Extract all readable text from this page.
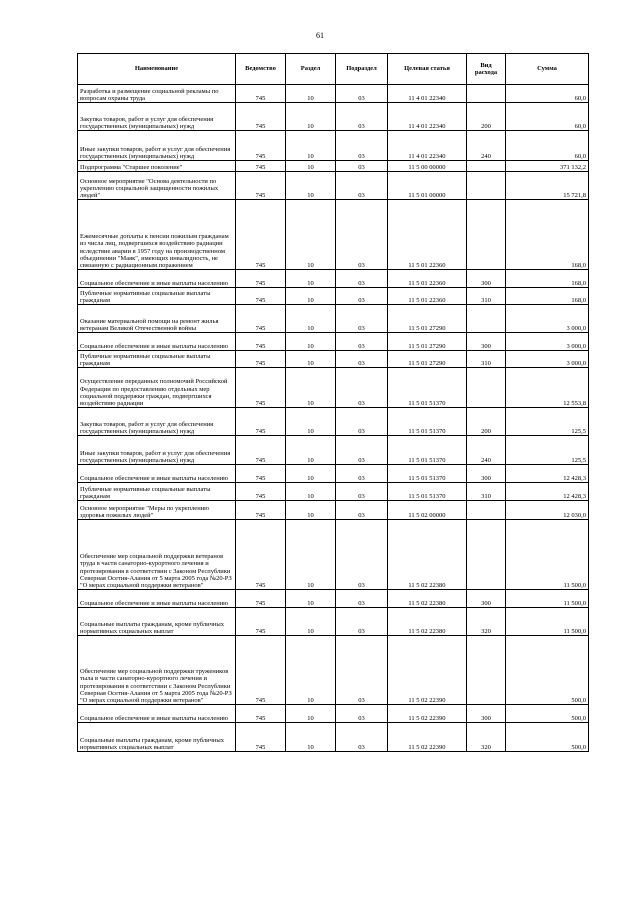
61
Наименование	Ведомство	Раздел	Подраздел	Целевая статья	Вид расхода	Сумма

Разработка и размещение социальной рекламы по вопросам охраны труда	745	10	03	11 4 01 22340		60,0

Закупка товаров, работ и услуг для обеспечения государственных (муниципальных) нужд	745	10	03	11 4 01 22340	200	60,0

Иные закупки товаров, работ и услуг для обеспечения государственных (муниципальных) нужд	745	10	03	11 4 01 22340	240	60,0

Подпрограмма "Старшее поколение"	745	10	03	11 5 00 00000		371 132,2

Основное мероприятие "Основа деятельности по укреплению социальной защищенности пожилых людей"	745	10	03	11 5 01 00000		15 721,8

Ежемесячные доплаты к пенсии пожилым гражданам из числа лиц, подвергшихся воздействию радиации вследствие аварии в 1957 году на производственном объединении "Маяк", имеющих инвалидность, не связанную с радиационным поражением	745	10	03	11 5 01 22360		168,0

Социальное обеспечение и иные выплаты населению	745	10	03	11 5 01 22360	300	168,0

Публичные нормативные социальные выплаты гражданам	745	10	03	11 5 01 22360	310	168,0

Оказание материальной помощи на ремонт жилья ветеранам Великой Отечественной войны	745	10	03	11 5 01 27290		3 000,0

Социальное обеспечение и иные выплаты населению	745	10	03	11 5 01 27290	300	3 000,0

Публичные нормативные социальные выплаты гражданам	745	10	03	11 5 01 27290	310	3 000,0

Осуществление переданных полномочий Российской Федерации по предоставлению отдельных мер социальной поддержки граждан, подвергшихся воздействию радиации	745	10	03	11 5 01 51370		12 553,8

Закупка товаров, работ и услуг для обеспечения государственных (муниципальных) нужд	745	10	03	11 5 01 51370	200	125,5

Иные закупки товаров, работ и услуг для обеспечения государственных (муниципальных) нужд	745	10	03	11 5 01 51370	240	125,5

Социальное обеспечение и иные выплаты населению	745	10	03	11 5 01 51370	300	12 428,3

Публичные нормативные социальные выплаты гражданам	745	10	03	11 5 01 51370	310	12 428,3

Основное мероприятие "Меры по укреплению здоровья пожилых людей"	745	10	03	11 5 02 00000		12 030,0

Обеспечение мер социальной поддержки ветеранов труда в части санаторно-курортного лечения и протезирования в соответствии с Законом Республики Северная Осетия-Алания от 5 марта 2005 года №20-РЗ "О мерах социальной поддержки ветеранов"	745	10	03	11 5 02 22380		11 500,0

Социальное обеспечение и иные выплаты населению	745	10	03	11 5 02 22380	300	11 500,0

Социальные выплаты гражданам, кроме публичных нормативных социальных выплат	745	10	03	11 5 02 22380	320	11 500,0

Обеспечение мер социальной поддержки тружеников тыла в части санаторно-курортного лечения и протезирования в соответствии с Законом Республики Северная Осетия-Алания от 5 марта 2005 года №20-РЗ "О мерах социальной поддержки ветеранов"	745	10	03	11 5 02 22390		500,0

Социальное обеспечение и иные выплаты населению	745	10	03	11 5 02 22390	300	500,0

Социальные выплаты гражданам, кроме публичных нормативных социальных выплат	745	10	03	11 5 02 22390	320	500,0
